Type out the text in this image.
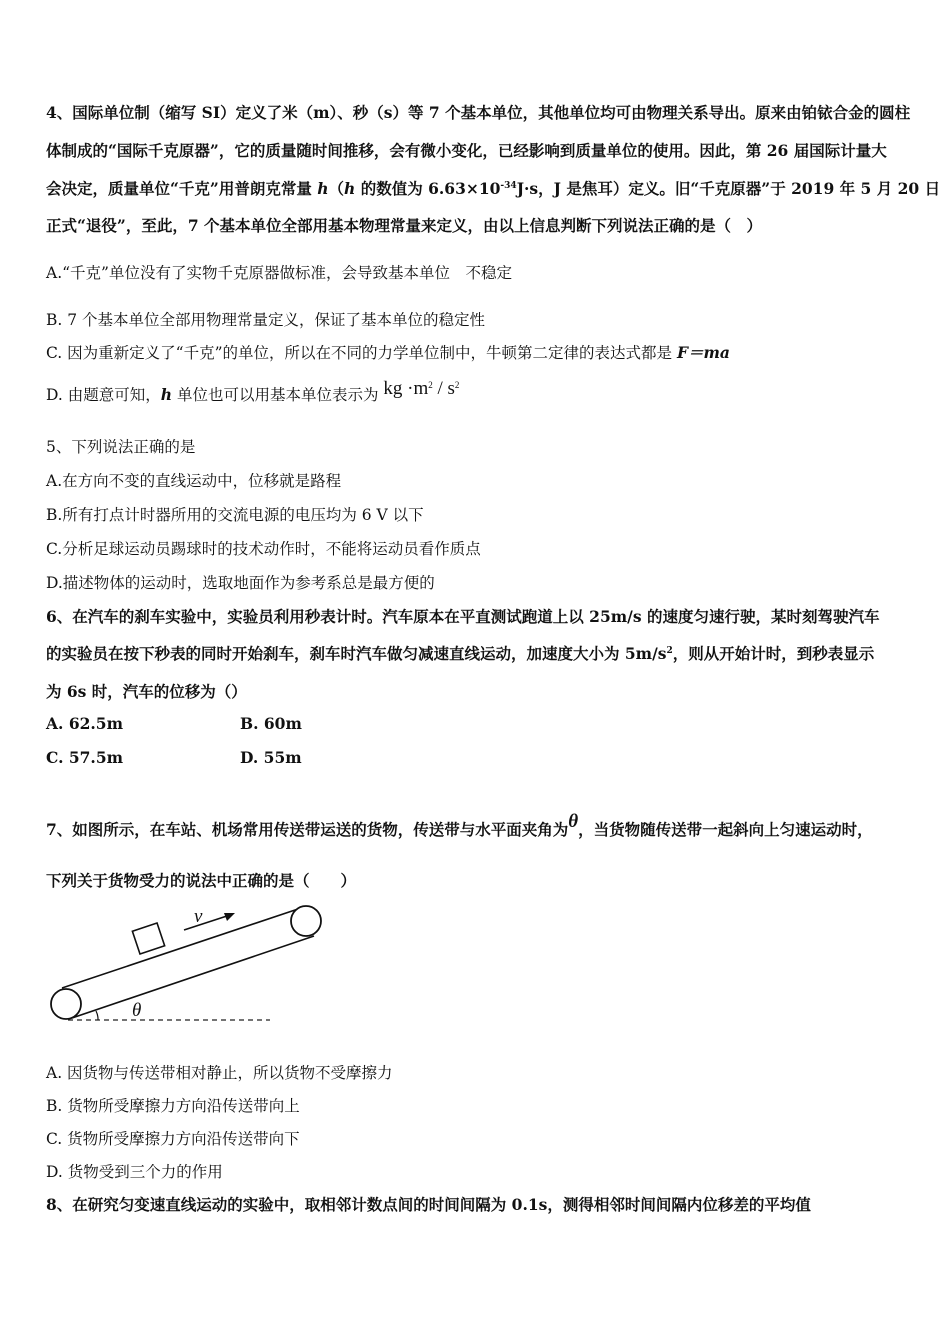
4、国际单位制（缩写 SI）定义了米（m）、秒（s）等 7 个基本单位，其他单位均可由物理关系导出。原来由铂铱合金的圆柱
体制成的“国际千克原器”，它的质量随时间推移，会有微小变化，已经影响到质量单位的使用。因此，第 26 届国际计量大
会决定，质量单位“千克”用普朗克常量 h（h 的数值为 $6.63\times 10^{-34}J\cdot s$，J 是焦耳）定义。旧“千克原器”于 2019 年 5 月 20 日
正式“退役”，至此，7 个基本单位全部用基本物理常量来定义，由以上信息判断下列说法正确的是（　）
A.“千克”单位没有了实物千克原器做标准，会导致基本单位　不稳定
B. 7 个基本单位全部用物理常量定义，保证了基本单位的稳定性
C. 因为重新定义了“千克”的单位，所以在不同的力学单位制中，牛顿第二定律的表达式都是 F＝ma
D. 由题意可知，h 单位也可以用基本单位表示为 kg $\cdot m^2 / s^2$
5、下列说法正确的是
A.在方向不变的直线运动中，位移就是路程
B.所有打点计时器所用的交流电源的电压均为 6 V 以下
C.分析足球运动员踢球时的技术动作时，不能将运动员看作质点
D.描述物体的运动时，选取地面作为参考系总是最方便的
6、在汽车的刹车实验中，实验员利用秒表计时。汽车原本在平直测试跑道上以 25m/s 的速度匀速行驶，某时刻驾驶汽车
的实验员在按下秒表的同时开始刹车，刹车时汽车做匀减速直线运动，加速度大小为 $5m/s^2$，则从开始计时，到秒表显示
为 6s 时，汽车的位移为（）
A. 62.5m	B. 60m
C. 57.5m	D. 55m
7、如图所示，在车站、机场常用传送带运送的货物，传送带与水平面夹角为θ，当货物随传送带一起斜向上匀速运动时，
下列关于货物受力的说法中正确的是（　　）
v
θ
A. 因货物与传送带相对静止，所以货物不受摩擦力
B. 货物所受摩擦力方向沿传送带向上
C. 货物所受摩擦力方向沿传送带向下
D. 货物受到三个力的作用
8、在研究匀变速直线运动的实验中，取相邻计数点间的时间间隔为 0.1s，测得相邻时间间隔内位移差的平均值
